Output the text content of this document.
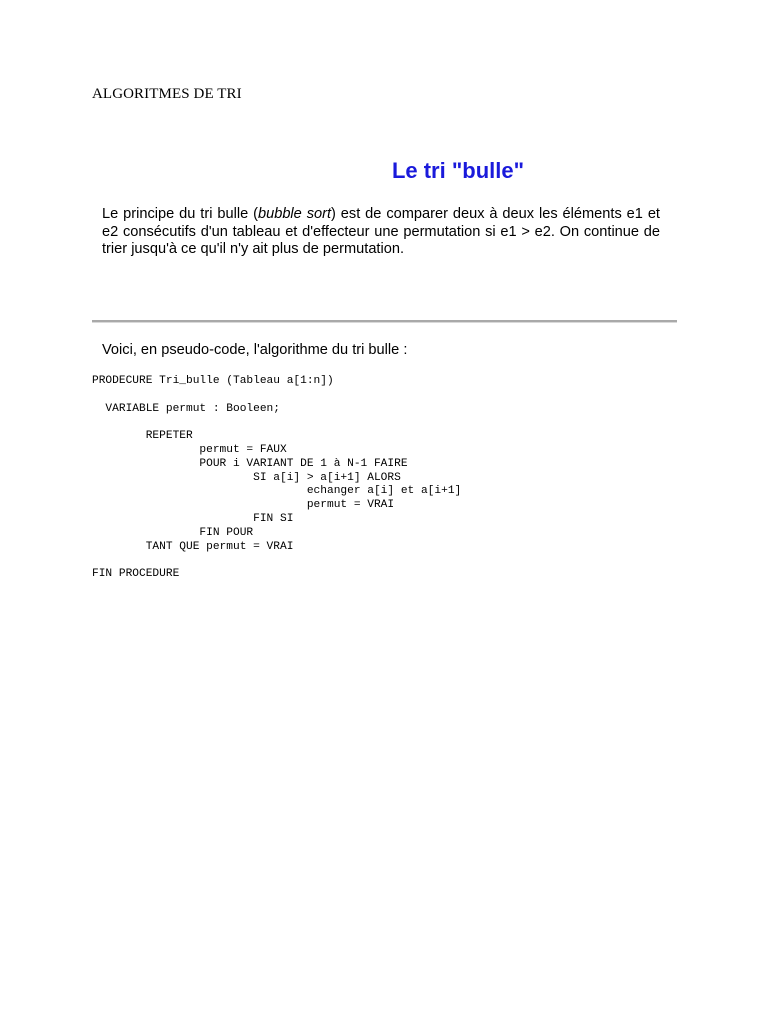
ALGORITMES DE TRI
Le tri "bulle"
Le principe du tri bulle (bubble sort) est de comparer deux à deux les éléments e1 et e2 consécutifs d'un tableau et d'effecteur une permutation si e1 > e2. On continue de trier jusqu'à ce qu'il n'y ait plus de permutation.
Voici, en pseudo-code, l'algorithme du tri bulle :
PRODECURE Tri_bulle (Tableau a[1:n])

VARIABLE permut : Booleen;

REPETER
permut = FAUX
POUR i VARIANT DE 1 à N-1 FAIRE
SI a[i] > a[i+1] ALORS
echanger a[i] et a[i+1]
permut = VRAI
FIN SI
FIN POUR
TANT QUE permut = VRAI

FIN PROCEDURE
